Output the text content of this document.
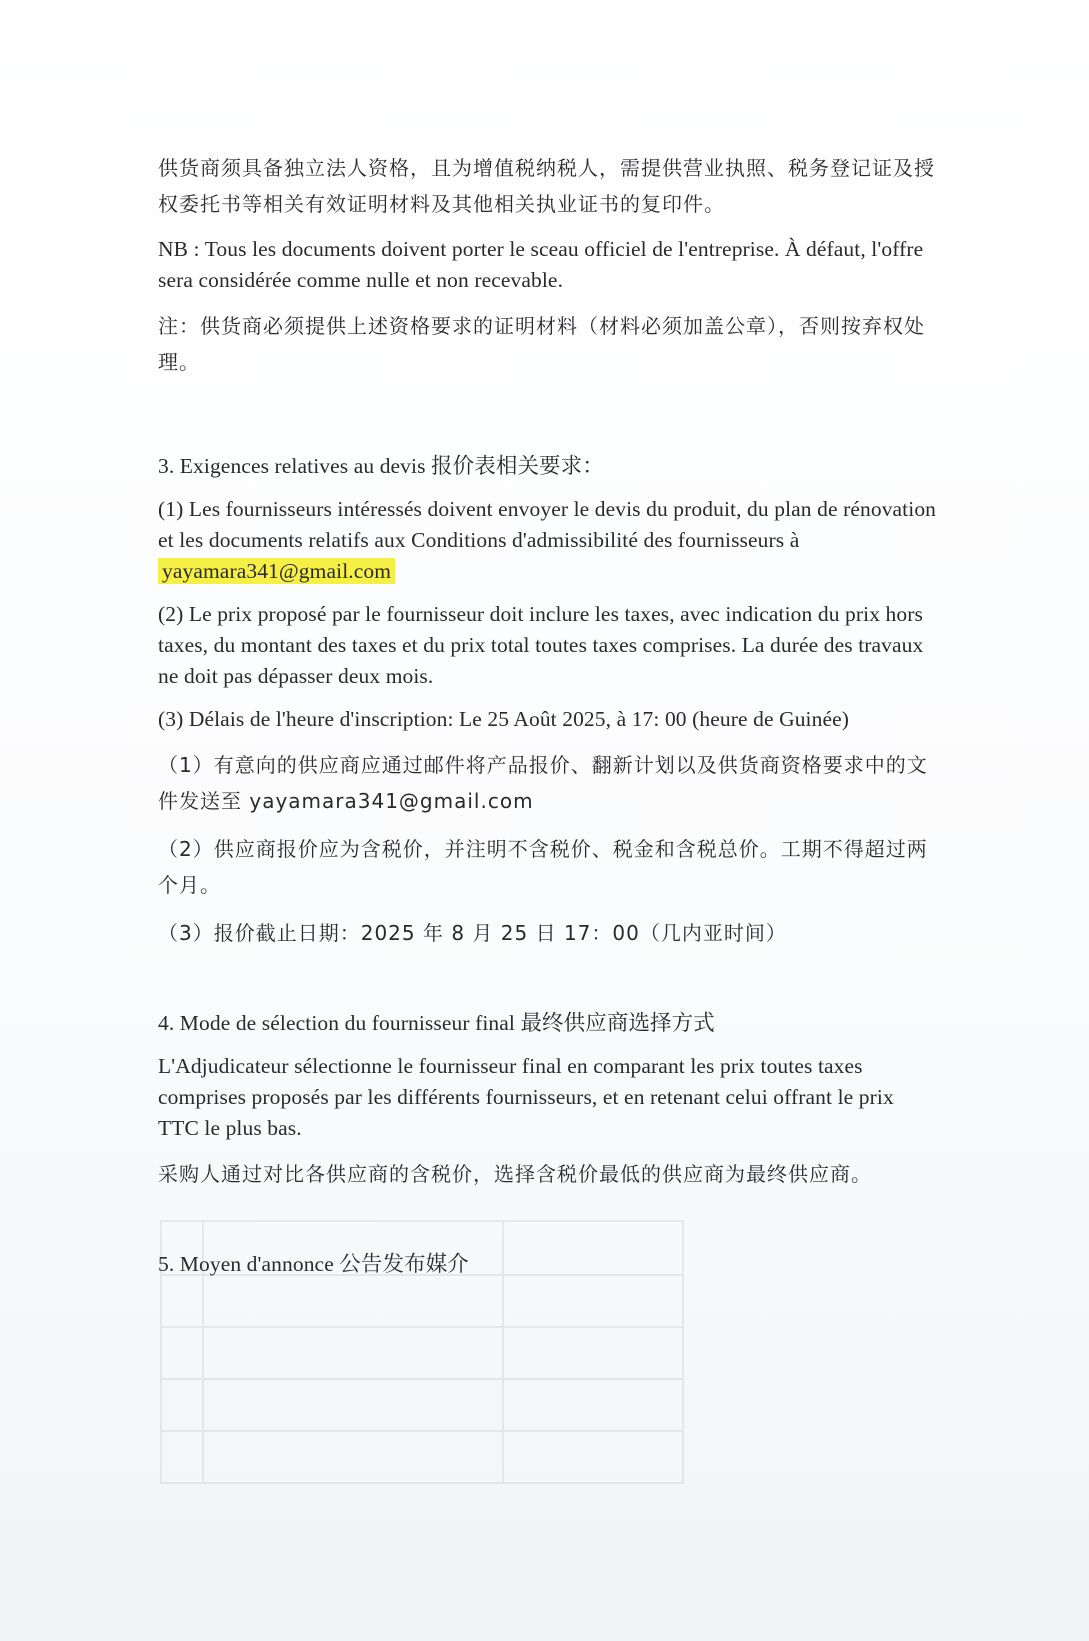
供货商须具备独立法人资格，且为增值税纳税人，需提供营业执照、税务登记证及授权委托书等相关有效证明材料及其他相关执业证书的复印件。

NB : Tous les documents doivent porter le sceau officiel de l'entreprise. À défaut, l'offre sera considérée comme nulle et non recevable.

注：供货商必须提供上述资格要求的证明材料（材料必须加盖公章），否则按弃权处理。

3. Exigences relatives au devis 报价表相关要求：

(1) Les fournisseurs intéressés doivent envoyer le devis du produit, du plan de rénovation et les documents relatifs aux Conditions d'admissibilité des fournisseurs à yayamara341@gmail.com

(2) Le prix proposé par le fournisseur doit inclure les taxes, avec indication du prix hors taxes, du montant des taxes et du prix total toutes taxes comprises. La durée des travaux ne doit pas dépasser deux mois.

(3) Délais de l'heure d'inscription: Le 25 Août 2025, à 17: 00 (heure de Guinée)

（1）有意向的供应商应通过邮件将产品报价、翻新计划以及供货商资格要求中的文件发送至 yayamara341@gmail.com

（2）供应商报价应为含税价，并注明不含税价、税金和含税总价。工期不得超过两个月。

（3）报价截止日期：2025 年 8 月 25 日 17：00（几内亚时间）

4. Mode de sélection du fournisseur final 最终供应商选择方式

L'Adjudicateur sélectionne le fournisseur final en comparant les prix toutes taxes comprises proposés par les différents fournisseurs, et en retenant celui offrant le prix TTC le plus bas.

采购人通过对比各供应商的含税价，选择含税价最低的供应商为最终供应商。

5. Moyen d'annonce 公告发布媒介
